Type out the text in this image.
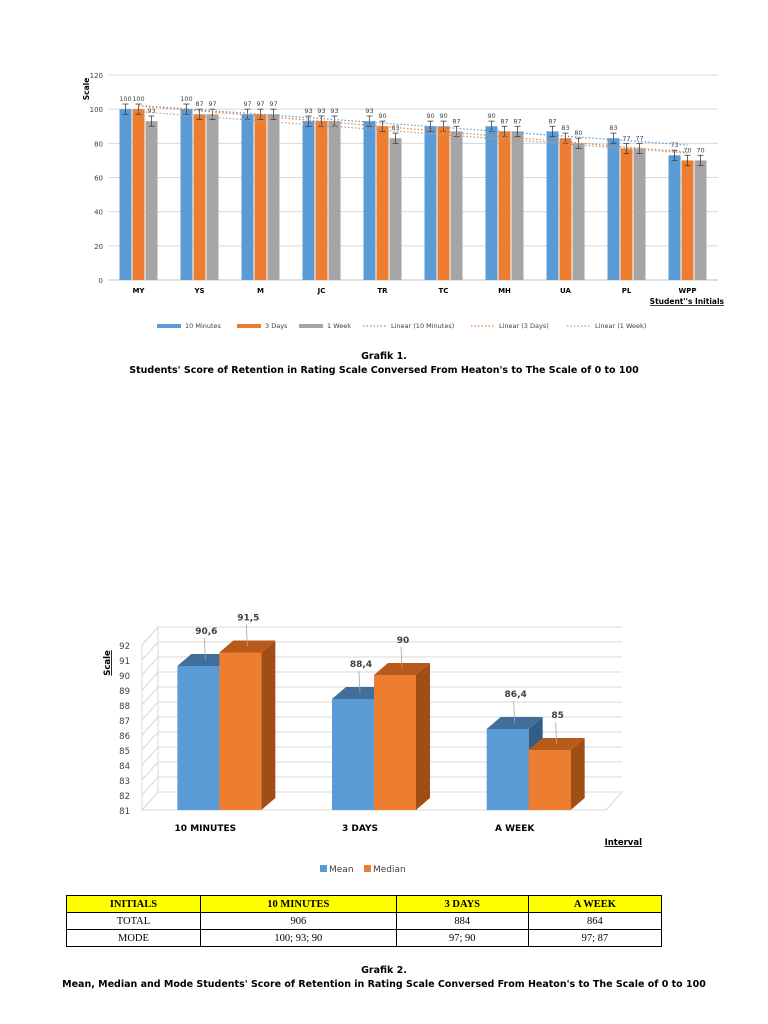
0
20
40
60
80
100
120
Scale	100 100
93
MY
100
87 97
YS
97 97 97
M
93 93 93
JC
93
90
83
TR
90 90
87
TC
90
87 87
MH
87
83
80
UA
83
77 77
PL
73
70 70
WPP
Student''s Initials
10 Minutes	3 Days	1 Week	Linear (10 Minutes)	Linear (3 Days)	Linear (1 Week)
Grafik 1.
Students' Score of Retention in Rating Scale Conversed From Heaton's to The Scale of 0 to 100
81
82
83
84
85
86
87
88
89
90
91
92
Scale
90,6
91,5
10 MINUTES
88,4
90
3 DAYS
86,4
85
A WEEK
Interval
Mean Median
INITIALS	10 MINUTES	3 DAYS	A WEEK
TOTAL	906	884	864
MODE	100; 93; 90	97; 90	97; 87
Grafik 2.
Mean, Median and Mode Students' Score of Retention in Rating Scale Conversed From Heaton's to The Scale of 0 to 100
